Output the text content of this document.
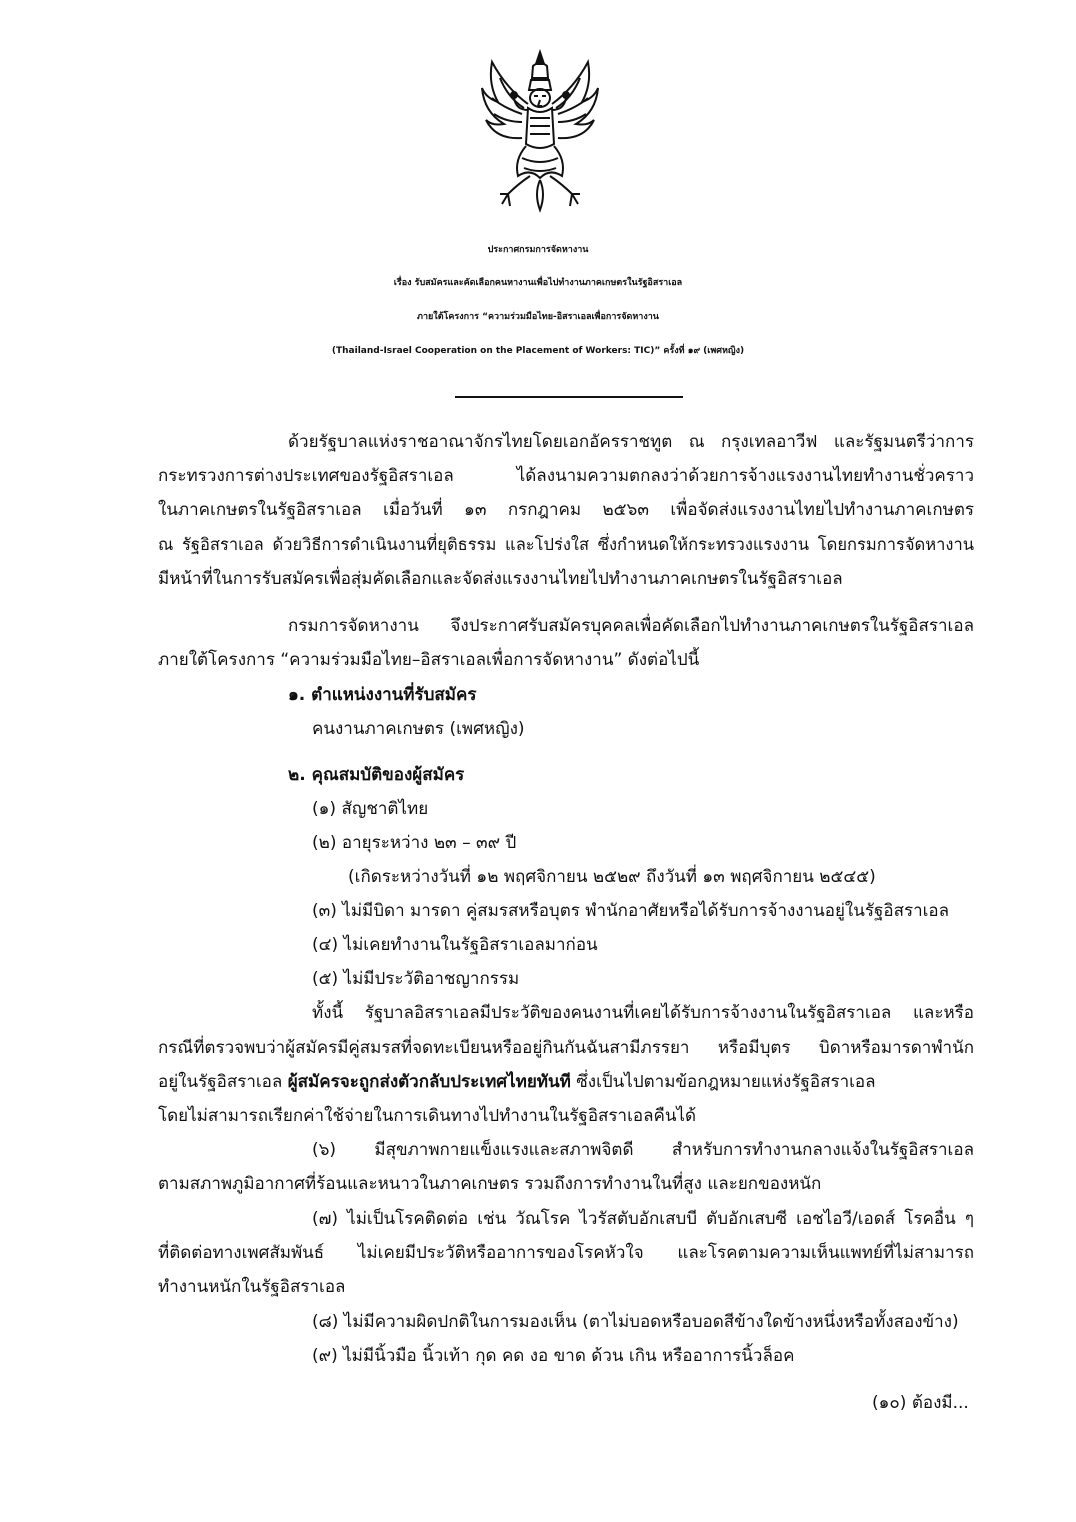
ประกาศกรมการจัดหางาน
เรื่อง รับสมัครและคัดเลือกคนหางานเพื่อไปทำงานภาคเกษตรในรัฐอิสราเอล
ภายใต้โครงการ “ความร่วมมือไทย-อิสราเอลเพื่อการจัดหางาน
(Thailand-Israel Cooperation on the Placement of Workers: TIC)” ครั้งที่ ๑๙ (เพศหญิง)
ด้วยรัฐบาลแห่งราชอาณาจักรไทยโดยเอกอัครราชทูต ณ กรุงเทลอาวีฟ และรัฐมนตรีว่าการ
กระทรวงการต่างประเทศของรัฐอิสราเอล ได้ลงนามความตกลงว่าด้วยการจ้างแรงงานไทยทำงานชั่วคราว
ในภาคเกษตรในรัฐอิสราเอล เมื่อวันที่ ๑๓ กรกฎาคม ๒๕๖๓ เพื่อจัดส่งแรงงานไทยไปทำงานภาคเกษตร
ณ รัฐอิสราเอล ด้วยวิธีการดำเนินงานที่ยุติธรรม และโปร่งใส ซึ่งกำหนดให้กระทรวงแรงงาน โดยกรมการจัดหางาน
มีหน้าที่ในการรับสมัครเพื่อสุ่มคัดเลือกและจัดส่งแรงงานไทยไปทำงานภาคเกษตรในรัฐอิสราเอล
กรมการจัดหางาน จึงประกาศรับสมัครบุคคลเพื่อคัดเลือกไปทำงานภาคเกษตรในรัฐอิสราเอล
ภายใต้โครงการ “ความร่วมมือไทย–อิสราเอลเพื่อการจัดหางาน” ดังต่อไปนี้
๑. ตำแหน่งงานที่รับสมัคร
คนงานภาคเกษตร (เพศหญิง)
๒. คุณสมบัติของผู้สมัคร
(๑) สัญชาติไทย
(๒) อายุระหว่าง ๒๓ – ๓๙ ปี
(เกิดระหว่างวันที่ ๑๒ พฤศจิกายน ๒๕๒๙ ถึงวันที่ ๑๓ พฤศจิกายน ๒๕๔๕)
(๓) ไม่มีบิดา มารดา คู่สมรสหรือบุตร พำนักอาศัยหรือได้รับการจ้างงานอยู่ในรัฐอิสราเอล
(๔) ไม่เคยทำงานในรัฐอิสราเอลมาก่อน
(๕) ไม่มีประวัติอาชญากรรม
ทั้งนี้ รัฐบาลอิสราเอลมีประวัติของคนงานที่เคยได้รับการจ้างงานในรัฐอิสราเอล และหรือ
กรณีที่ตรวจพบว่าผู้สมัครมีคู่สมรสที่จดทะเบียนหรืออยู่กินกันฉันสามีภรรยา หรือมีบุตร บิดาหรือมารดาพำนัก
อยู่ในรัฐอิสราเอล ผู้สมัครจะถูกส่งตัวกลับประเทศไทยทันที ซึ่งเป็นไปตามข้อกฎหมายแห่งรัฐอิสราเอล
โดยไม่สามารถเรียกค่าใช้จ่ายในการเดินทางไปทำงานในรัฐอิสราเอลคืนได้
(๖) มีสุขภาพกายแข็งแรงและสภาพจิตดี สำหรับการทำงานกลางแจ้งในรัฐอิสราเอล
ตามสภาพภูมิอากาศที่ร้อนและหนาวในภาคเกษตร รวมถึงการทำงานในที่สูง และยกของหนัก
(๗) ไม่เป็นโรคติดต่อ เช่น วัณโรค ไวรัสตับอักเสบบี ตับอักเสบซี เอชไอวี/เอดส์ โรคอื่น ๆ
ที่ติดต่อทางเพศสัมพันธ์ ไม่เคยมีประวัติหรืออาการของโรคหัวใจ และโรคตามความเห็นแพทย์ที่ไม่สามารถ
ทำงานหนักในรัฐอิสราเอล
(๘) ไม่มีความผิดปกติในการมองเห็น (ตาไม่บอดหรือบอดสีข้างใดข้างหนึ่งหรือทั้งสองข้าง)
(๙) ไม่มีนิ้วมือ นิ้วเท้า กุด คด งอ ขาด ด้วน เกิน หรืออาการนิ้วล็อค
(๑๐) ต้องมี...
